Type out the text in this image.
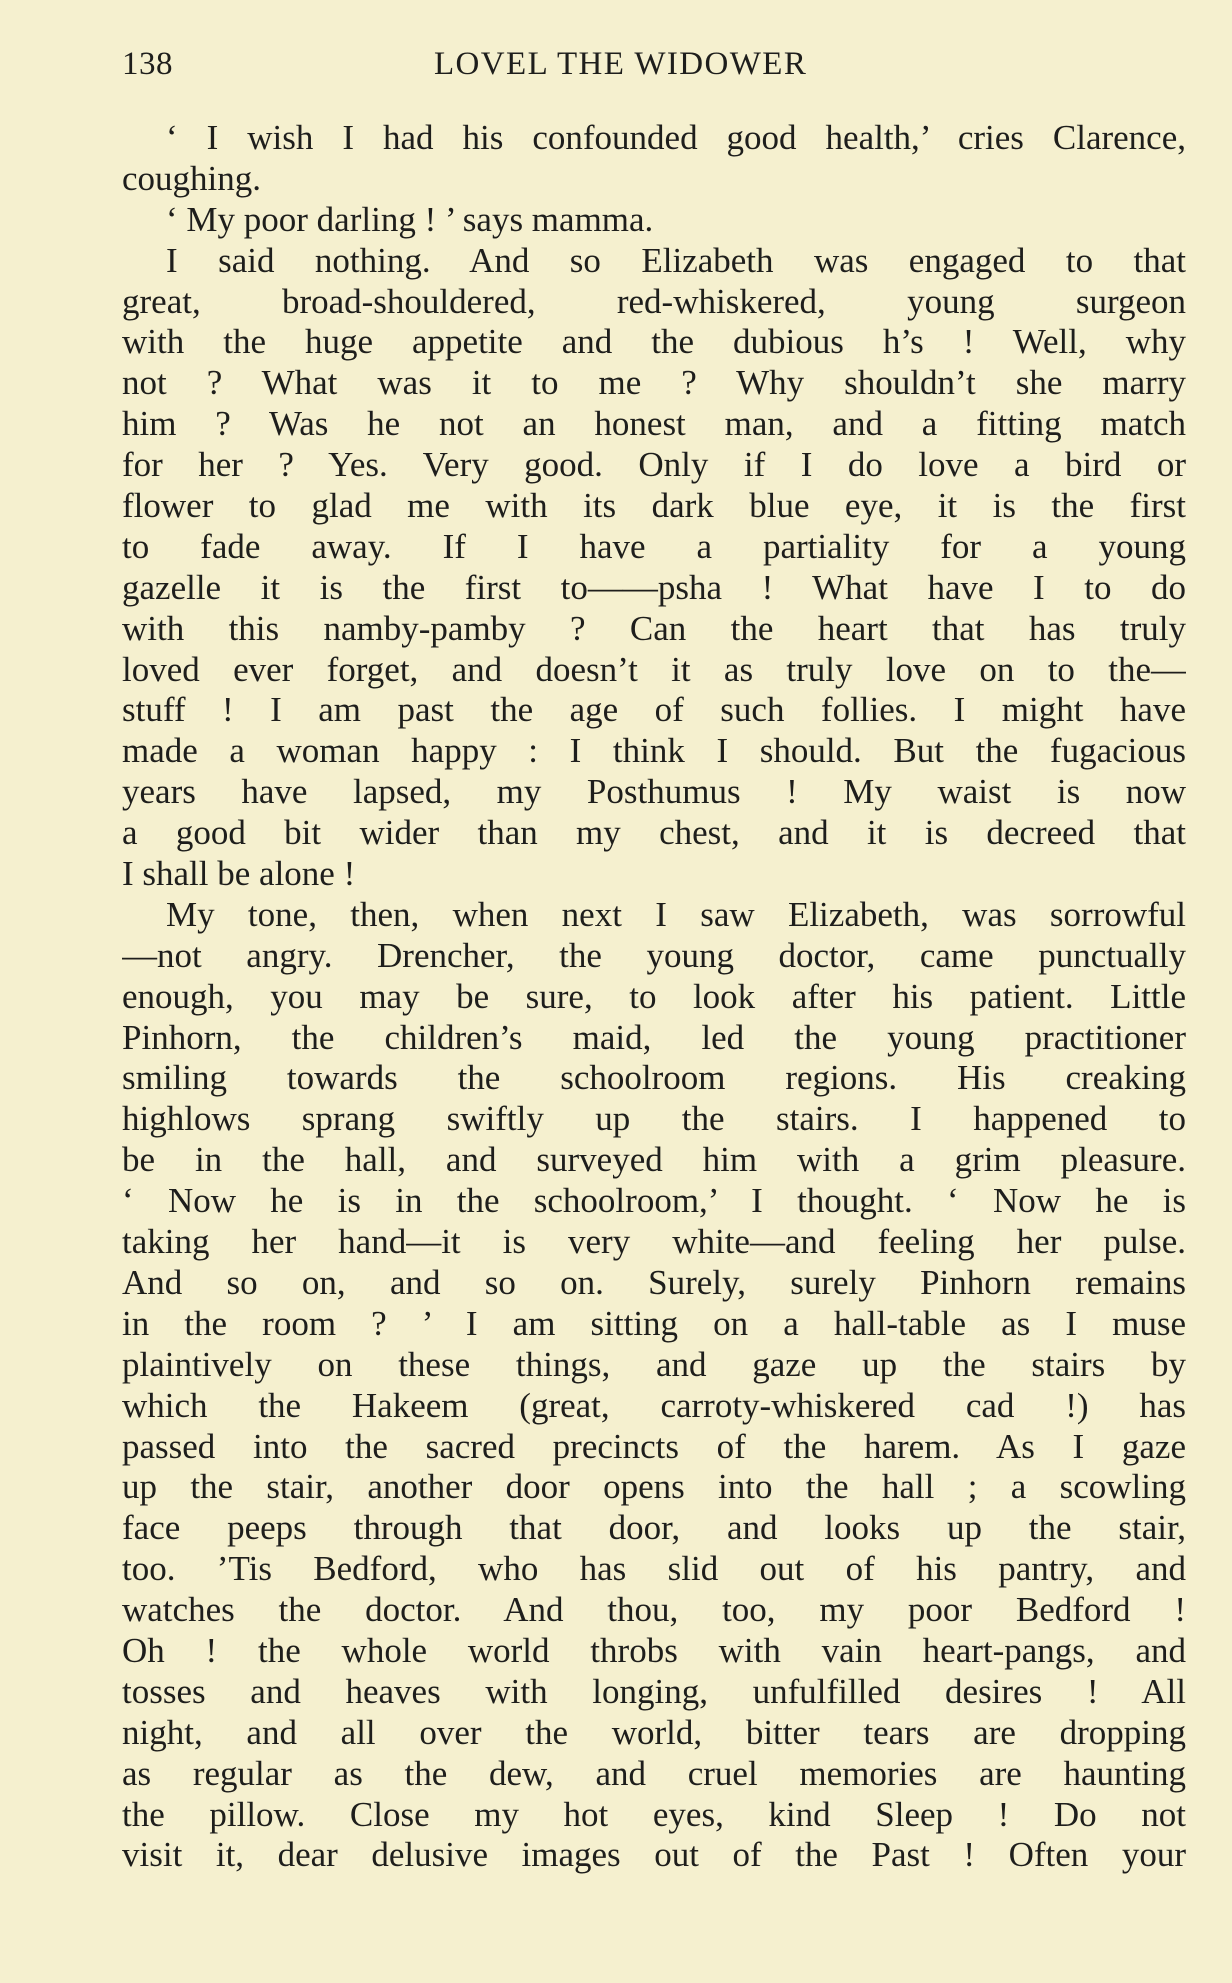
138	LOVEL THE WIDOWER
‘ I wish I had his confounded good health,’ cries Clarence,
coughing.
‘ My poor darling ! ’ says mamma.
I said nothing. And so Elizabeth was engaged to that
great, broad-shouldered, red-whiskered, young surgeon
with the huge appetite and the dubious h’s ! Well, why
not ? What was it to me ? Why shouldn’t she marry
him ? Was he not an honest man, and a fitting match
for her ? Yes. Very good. Only if I do love a bird or
flower to glad me with its dark blue eye, it is the first
to fade away. If I have a partiality for a young
gazelle it is the first to——psha ! What have I to do
with this namby-pamby ? Can the heart that has truly
loved ever forget, and doesn’t it as truly love on to the—
stuff ! I am past the age of such follies. I might have
made a woman happy : I think I should. But the fugacious
years have lapsed, my Posthumus ! My waist is now
a good bit wider than my chest, and it is decreed that
I shall be alone !
My tone, then, when next I saw Elizabeth, was sorrowful
—not angry. Drencher, the young doctor, came punctually
enough, you may be sure, to look after his patient. Little
Pinhorn, the children’s maid, led the young practitioner
smiling towards the schoolroom regions. His creaking
highlows sprang swiftly up the stairs. I happened to
be in the hall, and surveyed him with a grim pleasure.
‘ Now he is in the schoolroom,’ I thought. ‘ Now he is
taking her hand—it is very white—and feeling her pulse.
And so on, and so on. Surely, surely Pinhorn remains
in the room ? ’ I am sitting on a hall-table as I muse
plaintively on these things, and gaze up the stairs by
which the Hakeem (great, carroty-whiskered cad !) has
passed into the sacred precincts of the harem. As I gaze
up the stair, another door opens into the hall ; a scowling
face peeps through that door, and looks up the stair,
too. ’Tis Bedford, who has slid out of his pantry, and
watches the doctor. And thou, too, my poor Bedford !
Oh ! the whole world throbs with vain heart-pangs, and
tosses and heaves with longing, unfulfilled desires ! All
night, and all over the world, bitter tears are dropping
as regular as the dew, and cruel memories are haunting
the pillow. Close my hot eyes, kind Sleep ! Do not
visit it, dear delusive images out of the Past ! Often your
